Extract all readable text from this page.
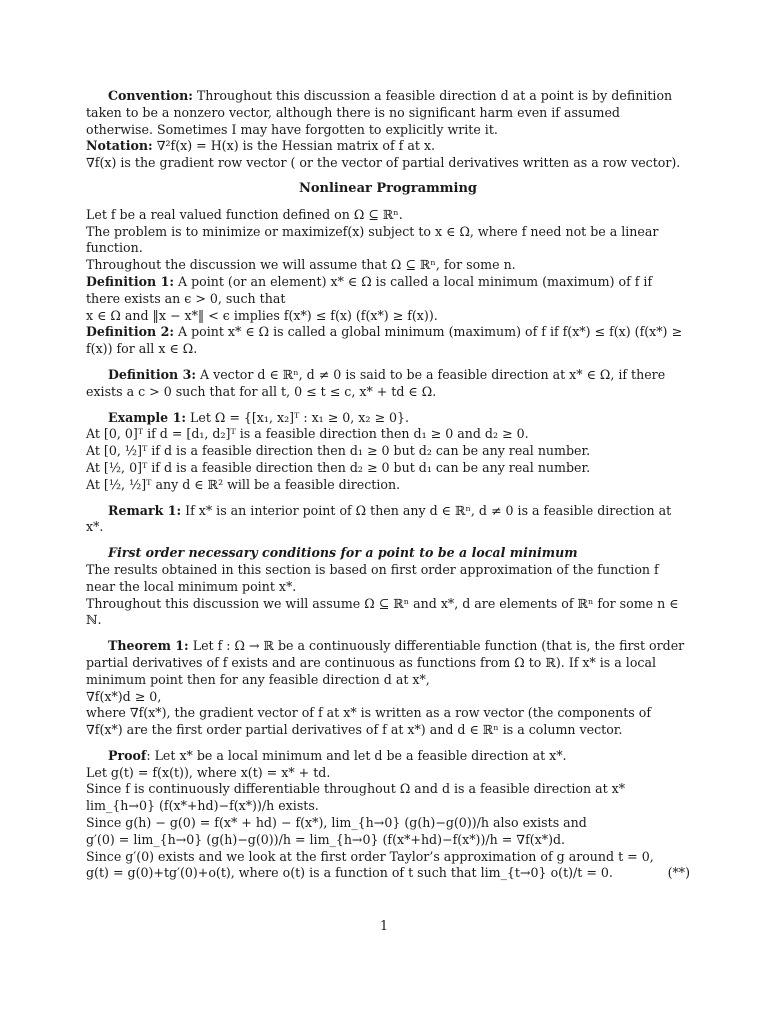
Convention: Throughout this discussion a feasible direction d at a point is by definition taken to be a nonzero vector, although there is no significant harm even if assumed otherwise. Sometimes I may have forgotten to explicitly write it.

Notation: ∇²f(x) = H(x) is the Hessian matrix of f at x.

∇f(x) is the gradient row vector ( or the vector of partial derivatives written as a row vector).

Nonlinear Programming

Let f be a real valued function defined on Ω ⊆ ℝⁿ.

The problem is to minimize or maximizef(x) subject to x ∈ Ω, where f need not be a linear function.

Throughout the discussion we will assume that Ω ⊆ ℝⁿ, for some n.

Definition 1: A point (or an element) x* ∈ Ω is called a local minimum (maximum) of f if there exists an ϵ > 0, such that

x ∈ Ω and ‖x − x*‖ < ϵ implies f(x*) ≤ f(x) (f(x*) ≥ f(x)).

Definition 2: A point x* ∈ Ω is called a global minimum (maximum) of f if f(x*) ≤ f(x) (f(x*) ≥ f(x)) for all x ∈ Ω.

Definition 3: A vector d ∈ ℝⁿ, d ≠ 0 is said to be a feasible direction at x* ∈ Ω, if there exists a c > 0 such that for all t, 0 ≤ t ≤ c, x* + td ∈ Ω.

Example 1: Let Ω = {[x₁, x₂]ᵀ : x₁ ≥ 0, x₂ ≥ 0}.

At [0, 0]ᵀ if d = [d₁, d₂]ᵀ is a feasible direction then d₁ ≥ 0 and d₂ ≥ 0.

At [0, ½]ᵀ if d is a feasible direction then d₁ ≥ 0 but d₂ can be any real number.

At [½, 0]ᵀ if d is a feasible direction then d₂ ≥ 0 but d₁ can be any real number.

At [½, ½]ᵀ any d ∈ ℝ² will be a feasible direction.

Remark 1: If x* is an interior point of Ω then any d ∈ ℝⁿ, d ≠ 0 is a feasible direction at x*.

First order necessary conditions for a point to be a local minimum

The results obtained in this section is based on first order approximation of the function f near the local minimum point x*.

Throughout this discussion we will assume Ω ⊆ ℝⁿ and x*, d are elements of ℝⁿ for some n ∈ ℕ.

Theorem 1: Let f : Ω → ℝ be a continuously differentiable function (that is, the first order partial derivatives of f exists and are continuous as functions from Ω to ℝ). If x* is a local minimum point then for any feasible direction d at x*,

∇f(x*)d ≥ 0,

where ∇f(x*), the gradient vector of f at x* is written as a row vector (the components of ∇f(x*) are the first order partial derivatives of f at x*) and d ∈ ℝⁿ is a column vector.

Proof: Let x* be a local minimum and let d be a feasible direction at x*.

Let g(t) = f(x(t)), where x(t) = x* + td.

Since f is continuously differentiable throughout Ω and d is a feasible direction at x*

lim_{h→0} (f(x*+hd)−f(x*))/h exists.

Since g(h) − g(0) = f(x* + hd) − f(x*), lim_{h→0} (g(h)−g(0))/h also exists and

g′(0) = lim_{h→0} (g(h)−g(0))/h = lim_{h→0} (f(x*+hd)−f(x*))/h = ∇f(x*)d.

Since g′(0) exists and we look at the first order Taylor’s approximation of g around t = 0,

g(t) = g(0)+tg′(0)+o(t), where o(t) is a function of t such that lim_{t→0} o(t)/t = 0.	(**)

1
